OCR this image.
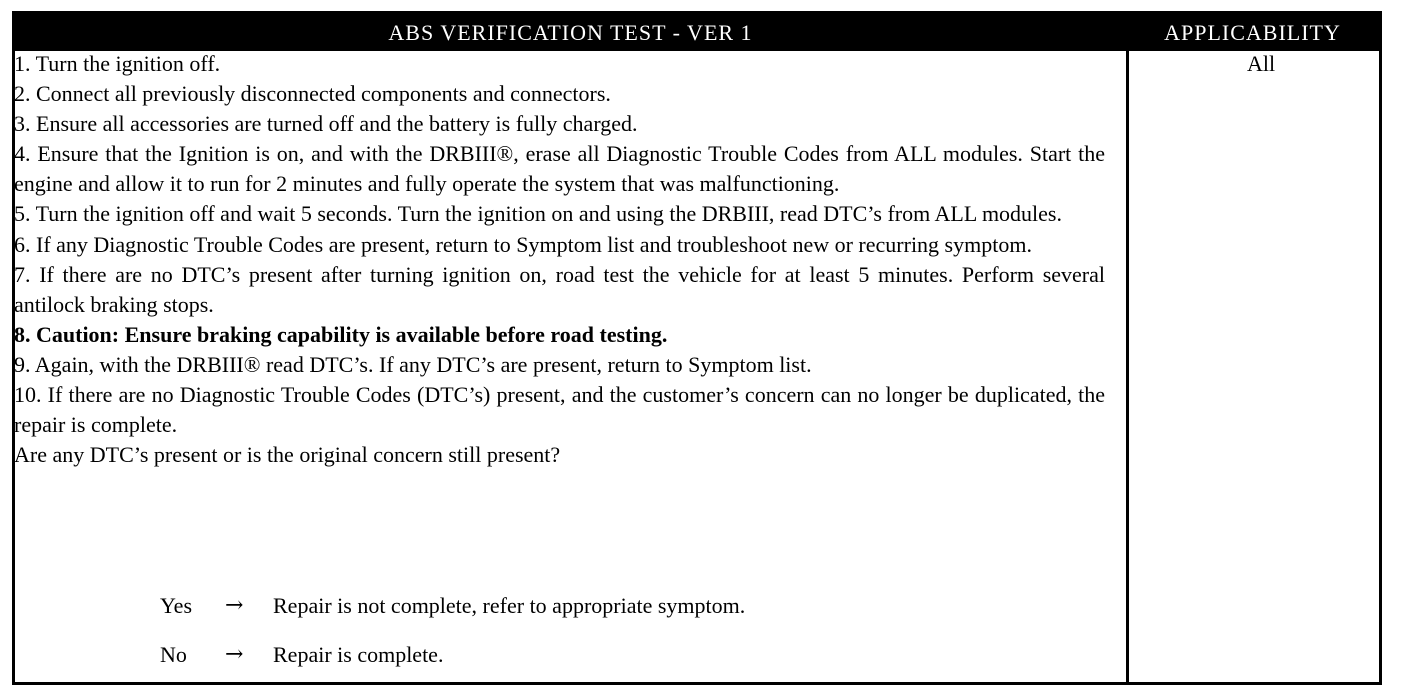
ABS VERIFICATION TEST - VER 1	APPLICABILITY

1. Turn the ignition off.

2. Connect all previously disconnected components and connectors.

3. Ensure all accessories are turned off and the battery is fully charged.

4. Ensure that the Ignition is on, and with the DRBIII®, erase all Diagnostic Trouble Codes from ALL modules. Start the engine and allow it to run for 2 minutes and fully operate the system that was malfunctioning.

5. Turn the ignition off and wait 5 seconds. Turn the ignition on and using the DRBIII, read DTC’s from ALL modules.

6. If any Diagnostic Trouble Codes are present, return to Symptom list and troubleshoot new or recurring symptom.

7. If there are no DTC’s present after turning ignition on, road test the vehicle for at least 5 minutes. Perform several antilock braking stops.

8. Caution: Ensure braking capability is available before road testing.

9. Again, with the DRBIII® read DTC’s. If any DTC’s are present, return to Symptom list.

10. If there are no Diagnostic Trouble Codes (DTC’s) present, and the customer’s concern can no longer be duplicated, the repair is complete.

Are any DTC’s present or is the original concern still present?

Yes	→	Repair is not complete, refer to appropriate symptom.
No	→	Repair is complete.
All
